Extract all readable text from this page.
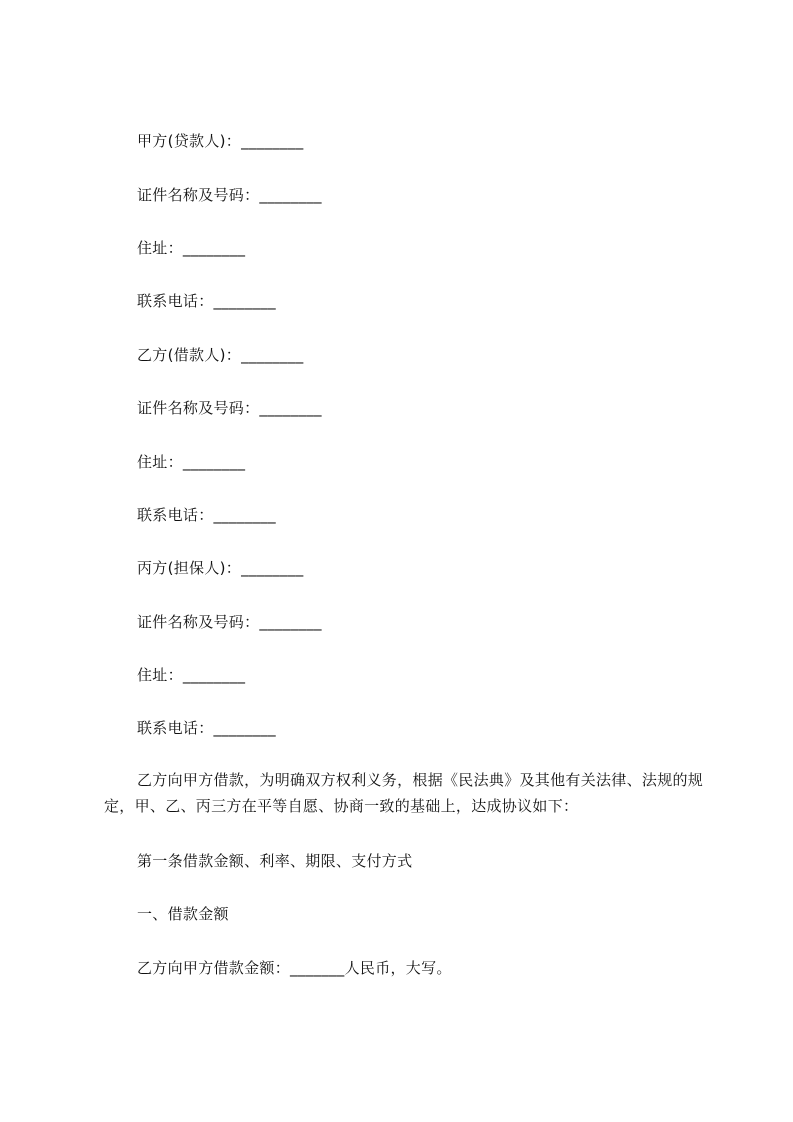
甲方(贷款人)：________
证件名称及号码：________
住址：________
联系电话：________
乙方(借款人)：________
证件名称及号码：________
住址：________
联系电话：________
丙方(担保人)：________
证件名称及号码：________
住址：________
联系电话：________
乙方向甲方借款，为明确双方权利义务，根据《民法典》及其他有关法律、法规的规定，甲、乙、丙三方在平等自愿、协商一致的基础上，达成协议如下：
第一条借款金额、利率、期限、支付方式
一、借款金额
乙方向甲方借款金额：_______人民币，大写。
